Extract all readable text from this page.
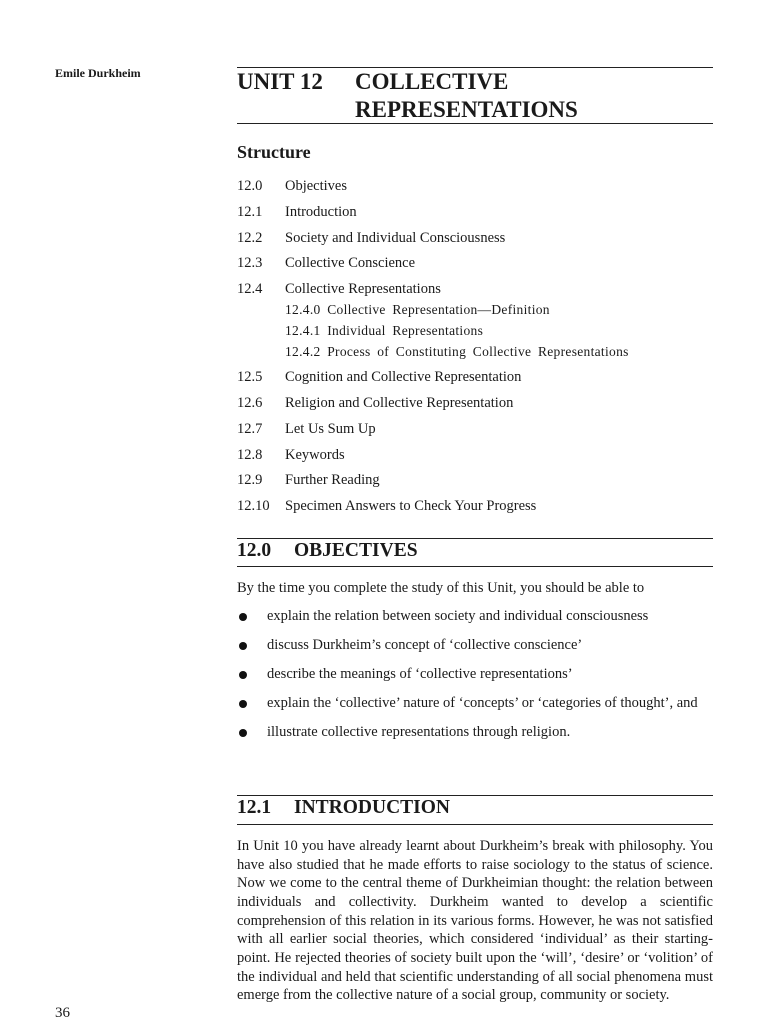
Emile Durkheim	UNIT 12 COLLECTIVE
REPRESENTATIONS
Structure
12.0 Objectives
12.1 Introduction
12.2 Society and Individual Consciousness
12.3 Collective Conscience
12.4 Collective Representations
12.4.0 Collective Representation—Definition
12.4.1 Individual Representations
12.4.2 Process of Constituting Collective Representations
12.5 Cognition and Collective Representation
12.6 Religion and Collective Representation
12.7 Let Us Sum Up
12.8 Keywords
12.9 Further Reading
12.10 Specimen Answers to Check Your Progress
12.0 OBJECTIVES
By the time you complete the study of this Unit, you should be able to
explain the relation between society and individual consciousness
discuss Durkheim’s concept of ‘collective conscience’
describe the meanings of ‘collective representations’
explain the ‘collective’ nature of ‘concepts’ or ‘categories of thought’, and
illustrate collective representations through religion.
12.1 INTRODUCTION
In Unit 10 you have already learnt about Durkheim’s break with philosophy. You have also studied that he made efforts to raise sociology to the status of science. Now we come to the central theme of Durkheimian thought: the relation between individuals and collectivity. Durkheim wanted to develop a scientific comprehension of this relation in its various forms. However, he was not satisfied with all earlier social theories, which considered ‘individual’ as their starting-point. He rejected theories of society built upon the ‘will’, ‘desire’ or ‘volition’ of the individual and held that scientific understanding of all social phenomena must emerge from the collective nature of a social group, community or society.
36
